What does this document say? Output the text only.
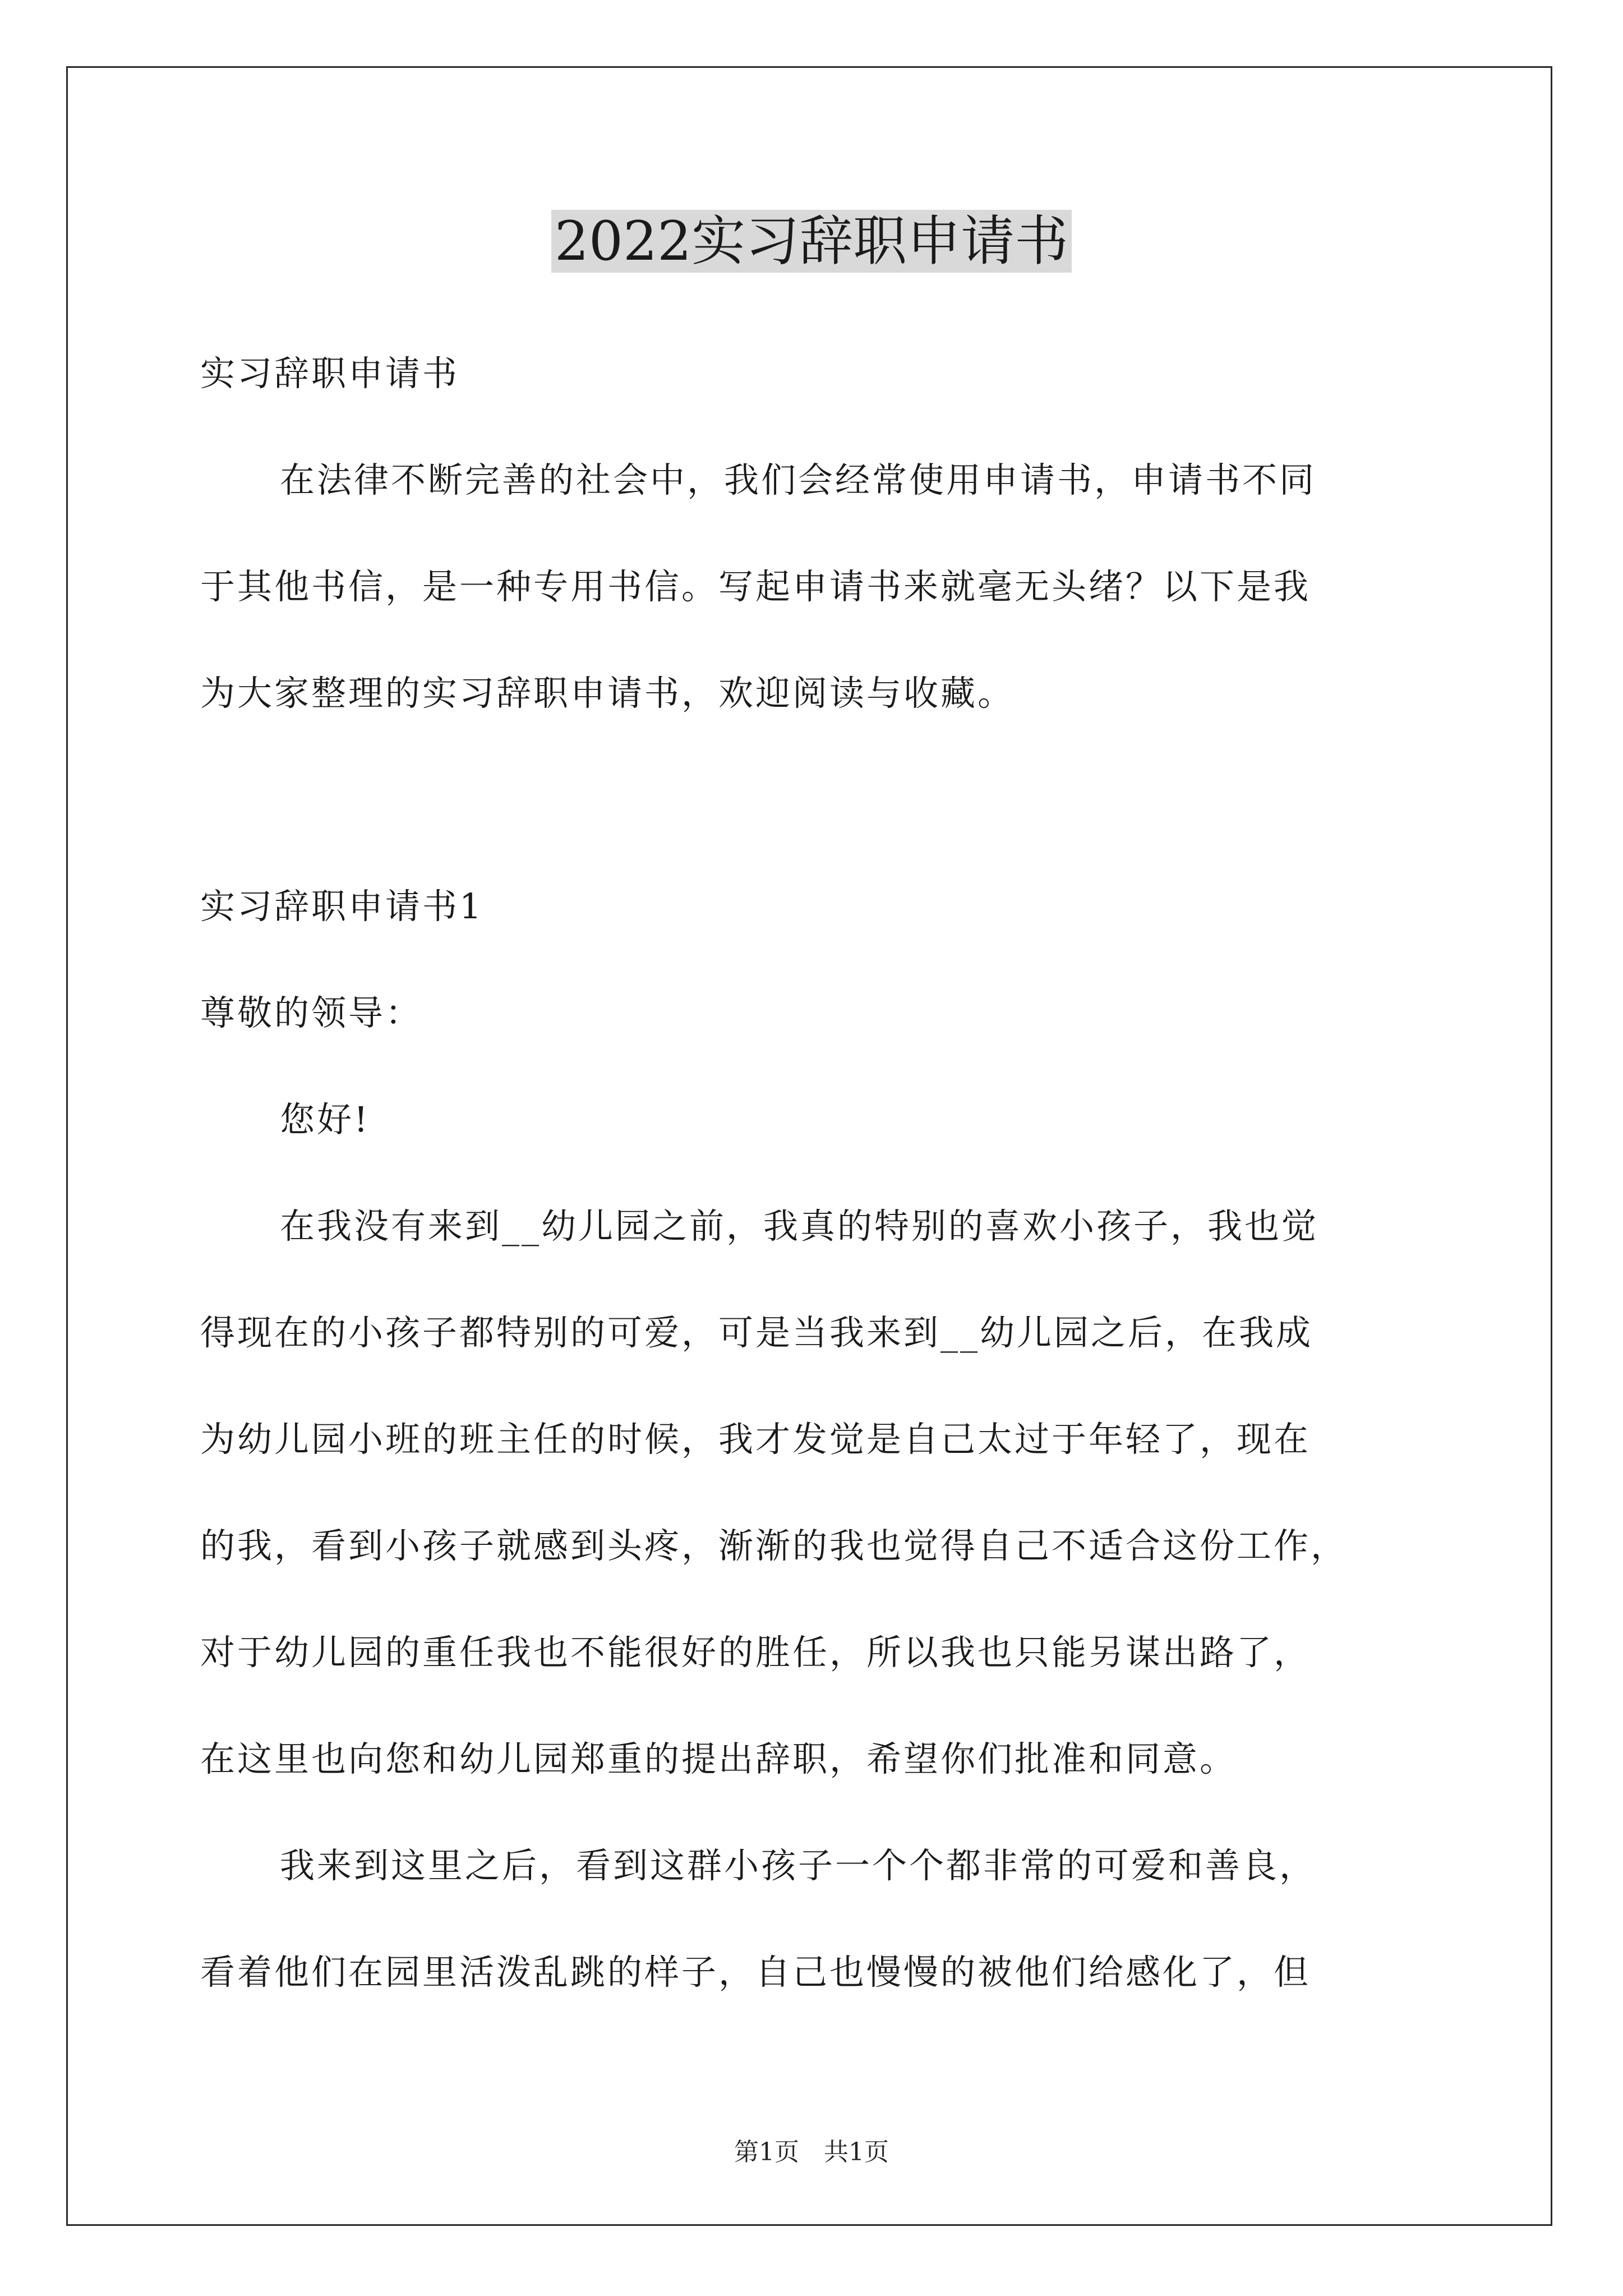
2022实习辞职申请书

实习辞职申请书

在法律不断完善的社会中，我们会经常使用申请书，申请书不同

于其他书信，是一种专用书信。写起申请书来就毫无头绪？以下是我

为大家整理的实习辞职申请书，欢迎阅读与收藏。

实习辞职申请书1

尊敬的领导：

您好!

在我没有来到__幼儿园之前，我真的特别的喜欢小孩子，我也觉

得现在的小孩子都特别的可爱，可是当我来到__幼儿园之后，在我成

为幼儿园小班的班主任的时候，我才发觉是自己太过于年轻了，现在

的我，看到小孩子就感到头疼，渐渐的我也觉得自己不适合这份工作，

对于幼儿园的重任我也不能很好的胜任，所以我也只能另谋出路了，

在这里也向您和幼儿园郑重的提出辞职，希望你们批准和同意。

我来到这里之后，看到这群小孩子一个个都非常的可爱和善良，

看着他们在园里活泼乱跳的样子，自己也慢慢的被他们给感化了，但

第1页　共1页
